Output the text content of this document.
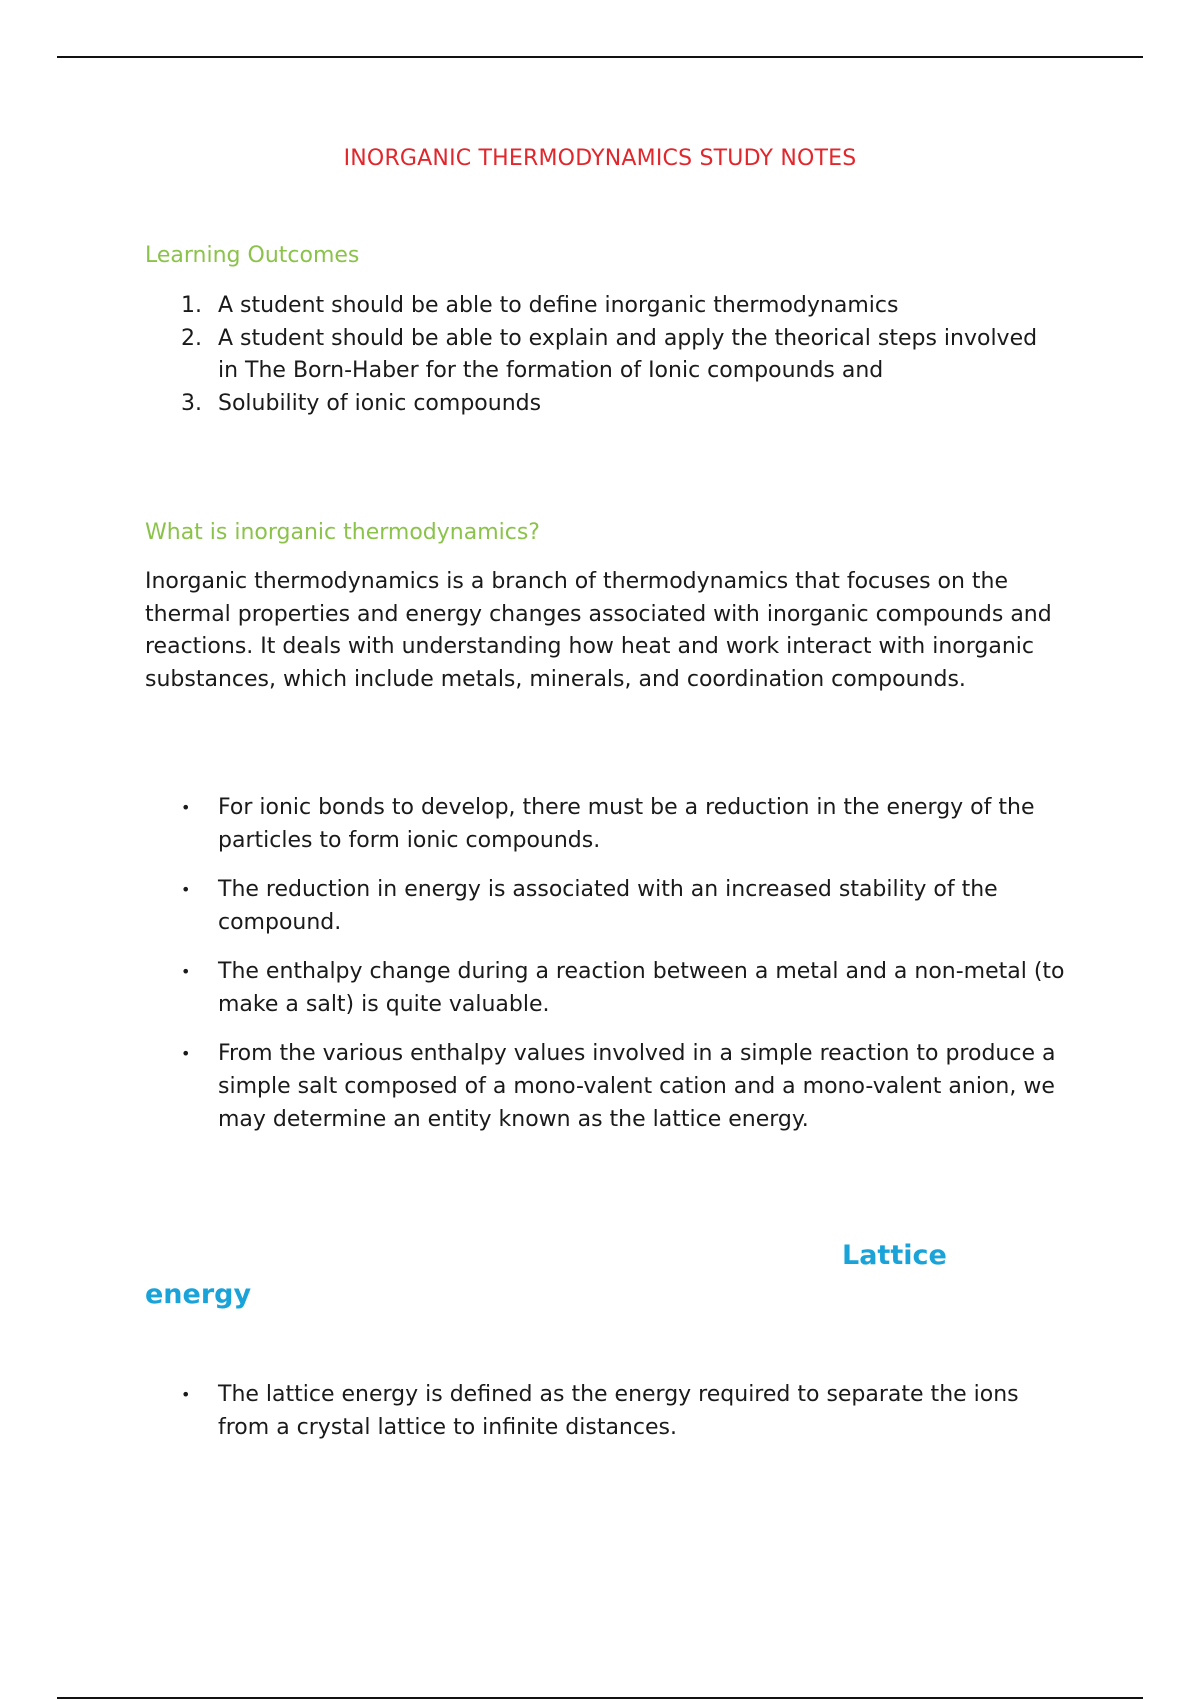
INORGANIC THERMODYNAMICS STUDY NOTES
Learning Outcomes
1. A student should be able to define inorganic thermodynamics
2. A student should be able to explain and apply the theorical steps involved in The Born-Haber for the formation of Ionic compounds and
3. Solubility of ionic compounds
What is inorganic thermodynamics?

Inorganic thermodynamics is a branch of thermodynamics that focuses on the thermal properties and energy changes associated with inorganic compounds and reactions. It deals with understanding how heat and work interact with inorganic substances, which include metals, minerals, and coordination compounds.

• For ionic bonds to develop, there must be a reduction in the energy of the particles to form ionic compounds.
• The reduction in energy is associated with an increased stability of the compound.
• The enthalpy change during a reaction between a metal and a non-metal (to make a salt) is quite valuable.
• From the various enthalpy values involved in a simple reaction to produce a simple salt composed of a mono-valent cation and a mono-valent anion, we may determine an entity known as the lattice energy.
Lattice
energy
• The lattice energy is defined as the energy required to separate the ions from a crystal lattice to infinite distances.
